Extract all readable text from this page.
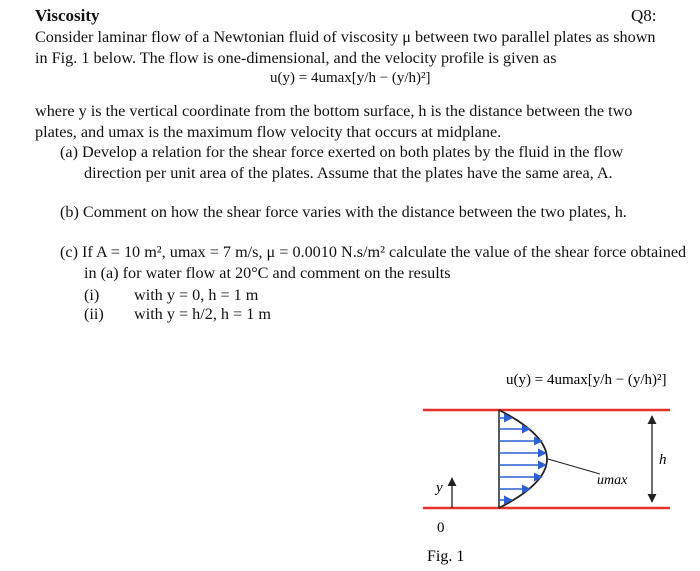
Viscosity	Q8:
Consider laminar flow of a Newtonian fluid of viscosity μ between two parallel plates as shown
in Fig. 1 below. The flow is one-dimensional, and the velocity profile is given as
u(y) = 4umax[y/h − (y/h)²]
where y is the vertical coordinate from the bottom surface, h is the distance between the two
plates, and umax is the maximum flow velocity that occurs at midplane.
(a) Develop a relation for the shear force exerted on both plates by the fluid in the flow
direction per unit area of the plates. Assume that the plates have the same area, A.
(b) Comment on how the shear force varies with the distance between the two plates, h.
(c) If A = 10 m², umax = 7 m/s, μ = 0.0010 N.s/m² calculate the value of the shear force obtained
in (a) for water flow at 20°C and comment on the results
(i) with y = 0, h = 1 m
(ii) with y = h/2, h = 1 m
u(y) = 4umax[y/h − (y/h)²]
umax
h
y
0
Fig. 1
